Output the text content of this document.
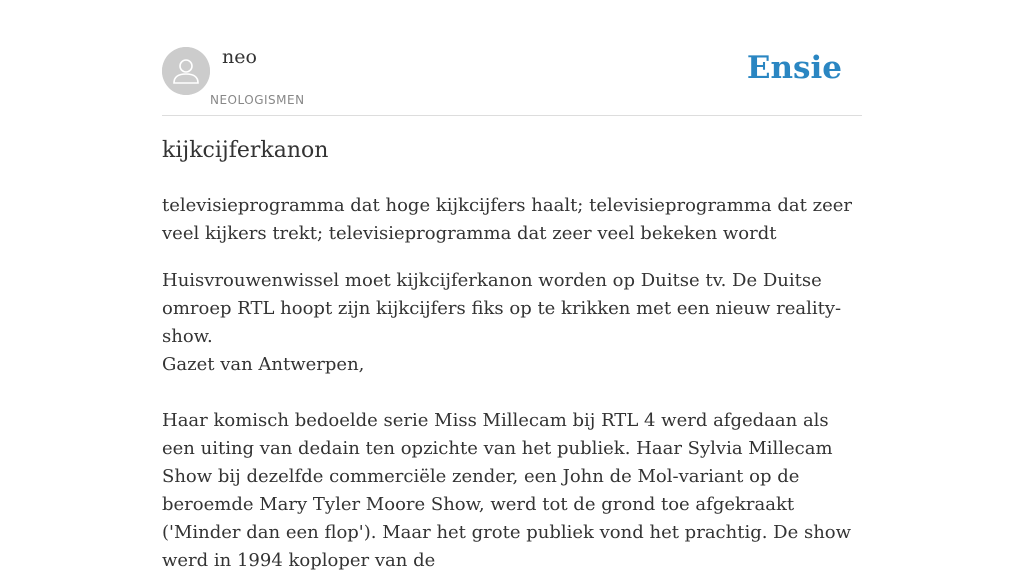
neo
NEOLOGISMEN
Ensie
kijkcijferkanon

televisieprogramma dat hoge kijkcijfers haalt; televisieprogramma dat zeer veel kijkers trekt; televisieprogramma dat zeer veel bekeken wordt

Huisvrouwenwissel moet kijkcijferkanon worden op Duitse tv. De Duitse omroep RTL hoopt zijn kijkcijfers fiks op te krikken met een nieuw reality-show.

Gazet van Antwerpen,

Haar komisch bedoelde serie Miss Millecam bij RTL 4 werd afgedaan als een uiting van dedain ten opzichte van het publiek. Haar Sylvia Millecam Show bij dezelfde commerciële zender, een John de Mol-variant op de beroemde Mary Tyler Moore Show, werd tot de grond toe afgekraakt ('Minder dan een flop'). Maar het grote publiek vond het prachtig. De show werd in 1994 koploper van de
